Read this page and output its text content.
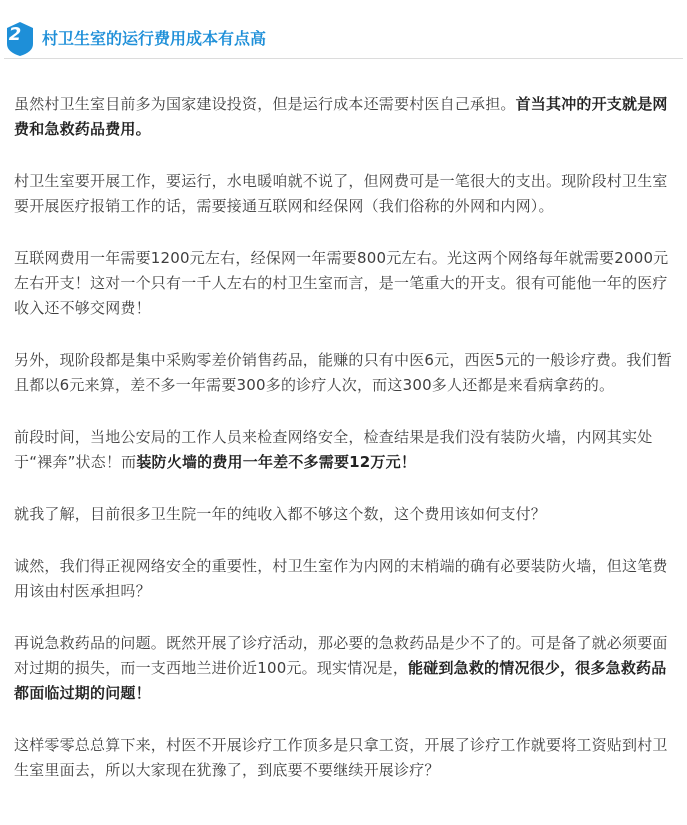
2 村卫生室的运行费用成本有点高

虽然村卫生室目前多为国家建设投资，但是运行成本还需要村医自己承担。首当其冲的开支就是网费和急救药品费用。

村卫生室要开展工作，要运行，水电暖咱就不说了，但网费可是一笔很大的支出。现阶段村卫生室要开展医疗报销工作的话，需要接通互联网和经保网（我们俗称的外网和内网）。

互联网费用一年需要1200元左右，经保网一年需要800元左右。光这两个网络每年就需要2000元左右开支！这对一个只有一千人左右的村卫生室而言，是一笔重大的开支。很有可能他一年的医疗收入还不够交网费！

另外，现阶段都是集中采购零差价销售药品，能赚的只有中医6元，西医5元的一般诊疗费。我们暂且都以6元来算，差不多一年需要300多的诊疗人次，而这300多人还都是来看病拿药的。

前段时间，当地公安局的工作人员来检查网络安全，检查结果是我们没有装防火墙，内网其实处于“裸奔”状态！而装防火墙的费用一年差不多需要12万元！

就我了解，目前很多卫生院一年的纯收入都不够这个数，这个费用该如何支付？

诚然，我们得正视网络安全的重要性，村卫生室作为内网的末梢端的确有必要装防火墙，但这笔费用该由村医承担吗？

再说急救药品的问题。既然开展了诊疗活动，那必要的急救药品是少不了的。可是备了就必须要面对过期的损失，而一支西地兰进价近100元。现实情况是，能碰到急救的情况很少，很多急救药品都面临过期的问题！

这样零零总总算下来，村医不开展诊疗工作顶多是只拿工资，开展了诊疗工作就要将工资贴到村卫生室里面去，所以大家现在犹豫了，到底要不要继续开展诊疗？
